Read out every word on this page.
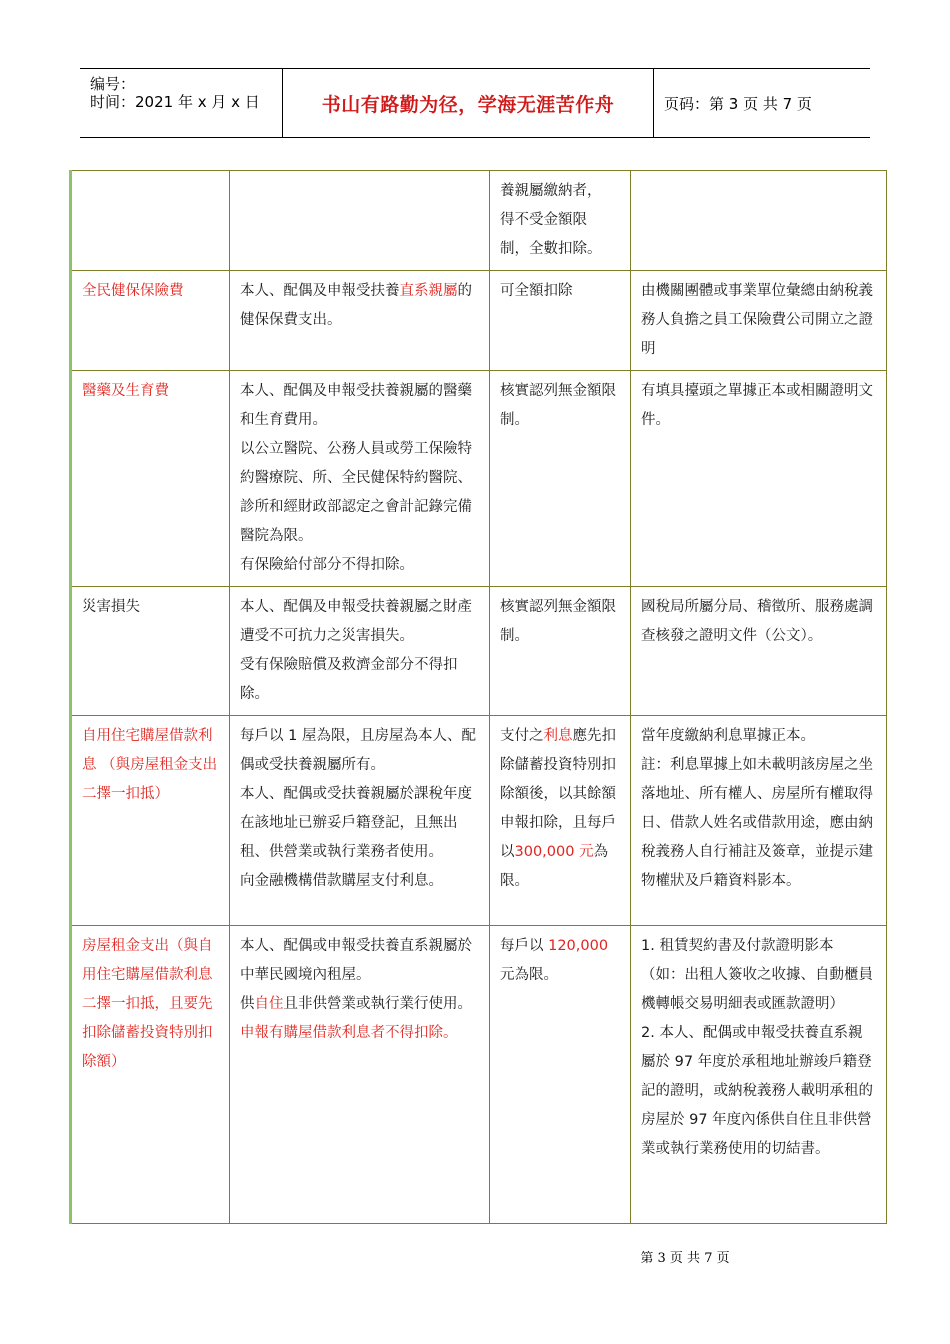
编号：
时间：2021 年 x 月 x 日	书山有路勤为径，学海无涯苦作舟	页码：第 3 页 共 7 页

		養親屬繳納者，
得不受金額限
制，全數扣除。	

全民健保保險費	本人、配偶及申報受扶養直系親屬的健保保費支出。	可全額扣除	由機關團體或事業單位彙總由納稅義務人負擔之員工保險費公司開立之證明
醫藥及生育費	本人、配偶及申報受扶養親屬的醫藥和生育費用。
以公立醫院、公務人員或勞工保險特約醫療院、所、全民健保特約醫院、診所和經財政部認定之會計記錄完備醫院為限。
有保險給付部分不得扣除。	核實認列無金額限制。	有填具擡頭之單據正本或相關證明文件。
災害損失	本人、配偶及申報受扶養親屬之財產遭受不可抗力之災害損失。
受有保險賠償及救濟金部分不得扣除。	核實認列無金額限制。	國稅局所屬分局、稽徵所、服務處調查核發之證明文件（公文）。
自用住宅購屋借款利息 （與房屋租金支出二擇一扣抵）	每戶以 1 屋為限，且房屋為本人、配偶或受扶養親屬所有。
本人、配偶或受扶養親屬於課稅年度在該地址已辦妥戶籍登記，且無出租、供營業或執行業務者使用。
向金融機構借款購屋支付利息。	支付之利息應先扣除儲蓄投資特別扣除額後，以其餘額申報扣除，且每戶以300,000 元為限。	當年度繳納利息單據正本。
註：利息單據上如未載明該房屋之坐落地址、所有權人、房屋所有權取得日、借款人姓名或借款用途，應由納稅義務人自行補註及簽章，並提示建物權狀及戶籍資料影本。

房屋租金支出（與自用住宅購屋借款利息二擇一扣抵，且要先扣除儲蓄投資特別扣除額）	本人、配偶或申報受扶養直系親屬於中華民國境內租屋。
供自住且非供營業或執行業行使用。
申報有購屋借款利息者不得扣除。	每戶以 120,000元為限。	1. 租賃契約書及付款證明影本（如：出租人簽收之收據、自動櫃員機轉帳交易明細表或匯款證明）
2. 本人、配偶或申報受扶養直系親屬於 97 年度於承租地址辦竣戶籍登記的證明，或納稅義務人載明承租的房屋於 97 年度內係供自住且非供營業或執行業務使用的切結書。
第 3 页 共 7 页
